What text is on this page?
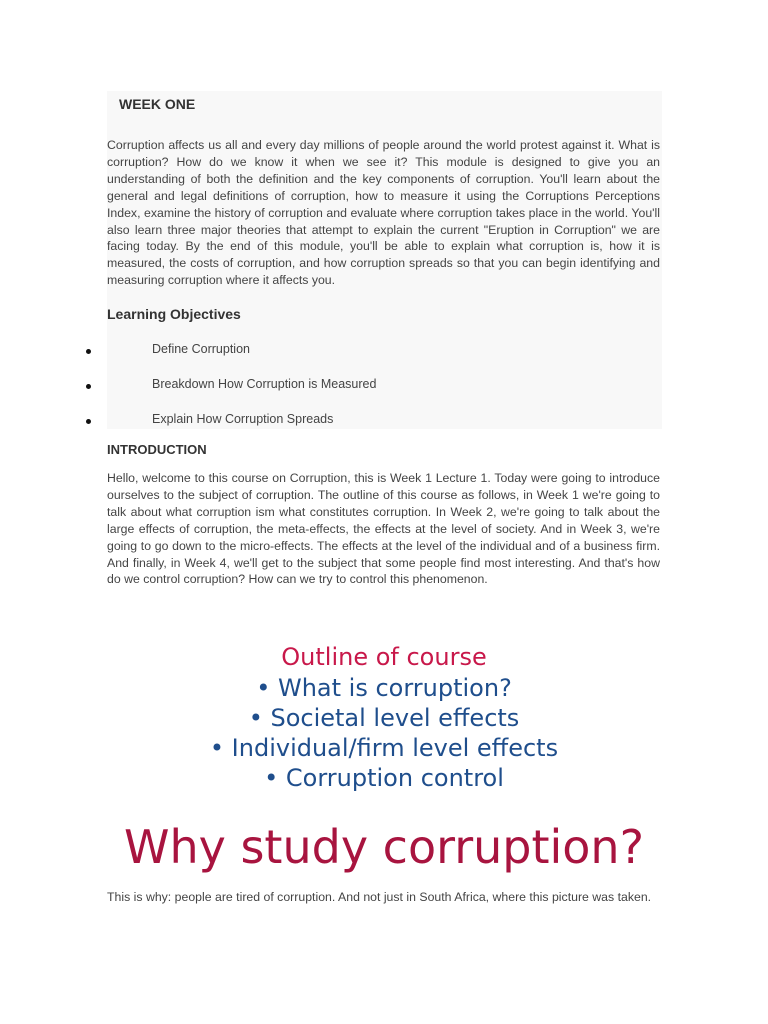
WEEK ONE

Corruption affects us all and every day millions of people around the world protest against it. What is corruption? How do we know it when we see it? This module is designed to give you an understanding of both the definition and the key components of corruption. You'll learn about the general and legal definitions of corruption, how to measure it using the Corruptions Perceptions Index, examine the history of corruption and evaluate where corruption takes place in the world. You'll also learn three major theories that attempt to explain the current "Eruption in Corruption" we are facing today. By the end of this module, you'll be able to explain what corruption is, how it is measured, the costs of corruption, and how corruption spreads so that you can begin identifying and measuring corruption where it affects you.

Learning Objectives
Define Corruption
Breakdown How Corruption is Measured
Explain How Corruption Spreads
INTRODUCTION

Hello, welcome to this course on Corruption, this is Week 1 Lecture 1. Today were going to introduce ourselves to the subject of corruption. The outline of this course as follows, in Week 1 we're going to talk about what corruption ism what constitutes corruption. In Week 2, we're going to talk about the large effects of corruption, the meta-effects, the effects at the level of society. And in Week 3, we're going to go down to the micro-effects. The effects at the level of the individual and of a business firm. And finally, in Week 4, we'll get to the subject that some people find most interesting. And that's how do we control corruption? How can we try to control this phenomenon.

Outline of course
• What is corruption?
• Societal level effects
• Individual/firm level effects
• Corruption control
Why study corruption?

This is why: people are tired of corruption. And not just in South Africa, where this picture was taken.
